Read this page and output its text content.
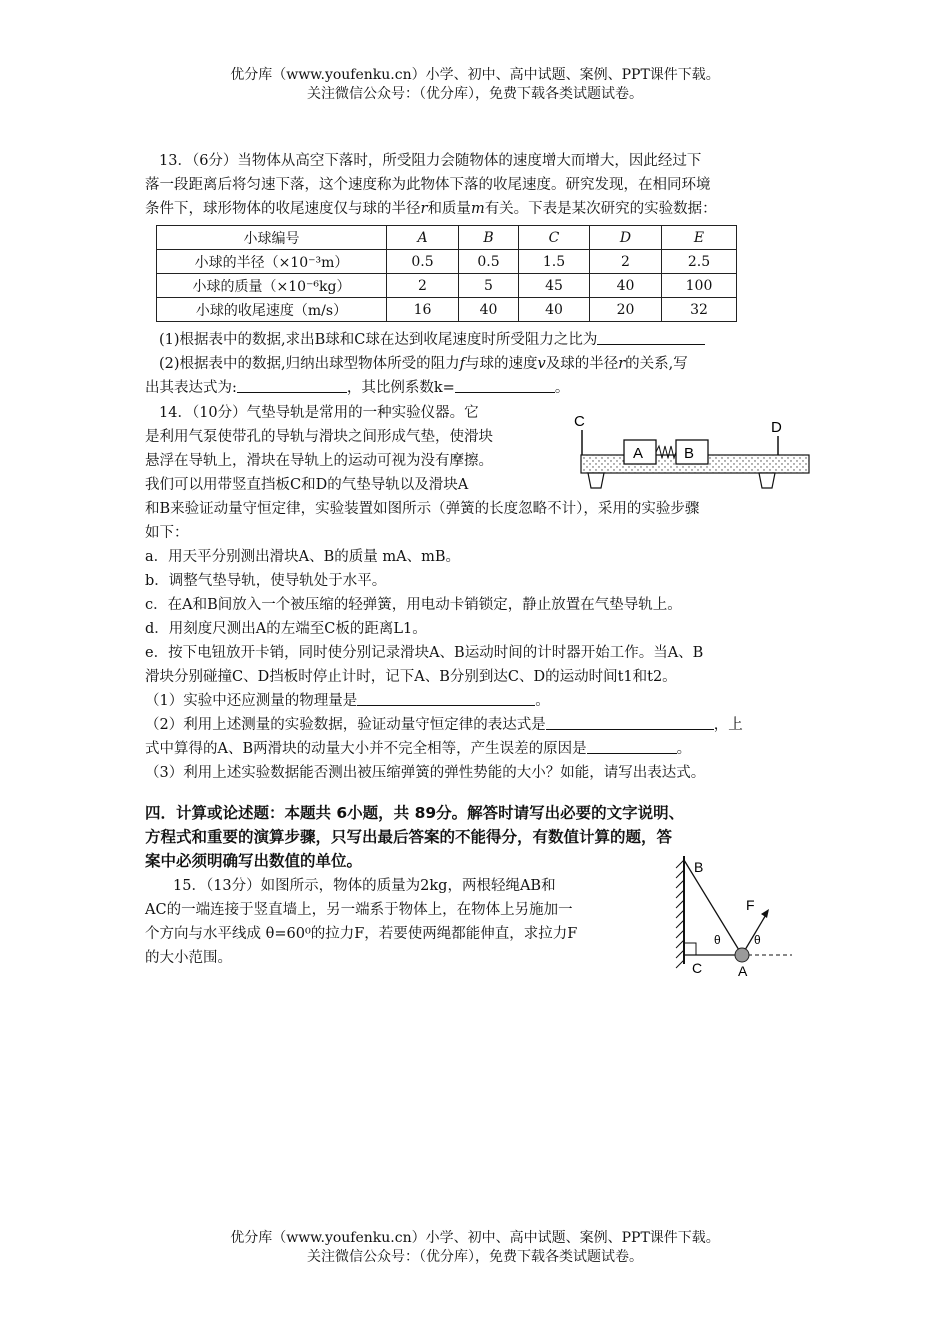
优分库（www.youfenku.cn）小学、初中、高中试题、案例、PPT课件下载。
关注微信公众号：（优分库），免费下载各类试题试卷。
13．（6分）当物体从高空下落时，所受阻力会随物体的速度增大而增大，因此经过下
落一段距离后将匀速下落，这个速度称为此物体下落的收尾速度。研究发现，在相同环境
条件下，球形物体的收尾速度仅与球的半径r和质量m有关。下表是某次研究的实验数据：
小球编号	A	B	C	D	E
小球的半径（×10⁻³m）	0.5	0.5	1.5	2	2.5
小球的质量（×10⁻⁶kg）	2	5	45	40	100
小球的收尾速度（m/s）	16	40	40	20	32
(1)根据表中的数据,求出B球和C球在达到收尾速度时所受阻力之比为
(2)根据表中的数据,归纳出球型物体所受的阻力f与球的速度v及球的半径r的关系,写
出其表达式为:	，其比例系数k=	。
14．（10分）气垫导轨是常用的一种实验仪器。它
是利用气泵使带孔的导轨与滑块之间形成气垫，使滑块
悬浮在导轨上，滑块在导轨上的运动可视为没有摩擦。
我们可以用带竖直挡板C和D的气垫导轨以及滑块A
和B来验证动量守恒定律，实验装置如图所示（弹簧的长度忽略不计），采用的实验步骤
如下：
a．用天平分别测出滑块A、B的质量 mA、mB。
b．调整气垫导轨，使导轨处于水平。
c．在A和B间放入一个被压缩的轻弹簧，用电动卡销锁定，静止放置在气垫导轨上。
d．用刻度尺测出A的左端至C板的距离L1。
e．按下电钮放开卡销，同时使分别记录滑块A、B运动时间的计时器开始工作。当A、B
滑块分别碰撞C、D挡板时停止计时，记下A、B分别到达C、D的运动时间t1和t2。
（1）实验中还应测量的物理量是	。
（2）利用上述测量的实验数据，验证动量守恒定律的表达式是	，上
式中算得的A、B两滑块的动量大小并不完全相等，产生误差的原因是	。
（3）利用上述实验数据能否测出被压缩弹簧的弹性势能的大小？如能，请写出表达式。
C	D
A	B
四．计算或论述题：本题共 6小题，共 89分。解答时请写出必要的文字说明、
方程式和重要的演算步骤，只写出最后答案的不能得分，有数值计算的题，答
案中必须明确写出数值的单位。
15．（13分）如图所示，物体的质量为2kg，两根轻绳AB和
AC的一端连接于竖直墙上，另一端系于物体上，在物体上另施加一
个方向与水平线成 θ=60⁰的拉力F，若要使两绳都能伸直，求拉力F
的大小范围。
B
θ	θ
F
C	A
优分库（www.youfenku.cn）小学、初中、高中试题、案例、PPT课件下载。
关注微信公众号：（优分库），免费下载各类试题试卷。
